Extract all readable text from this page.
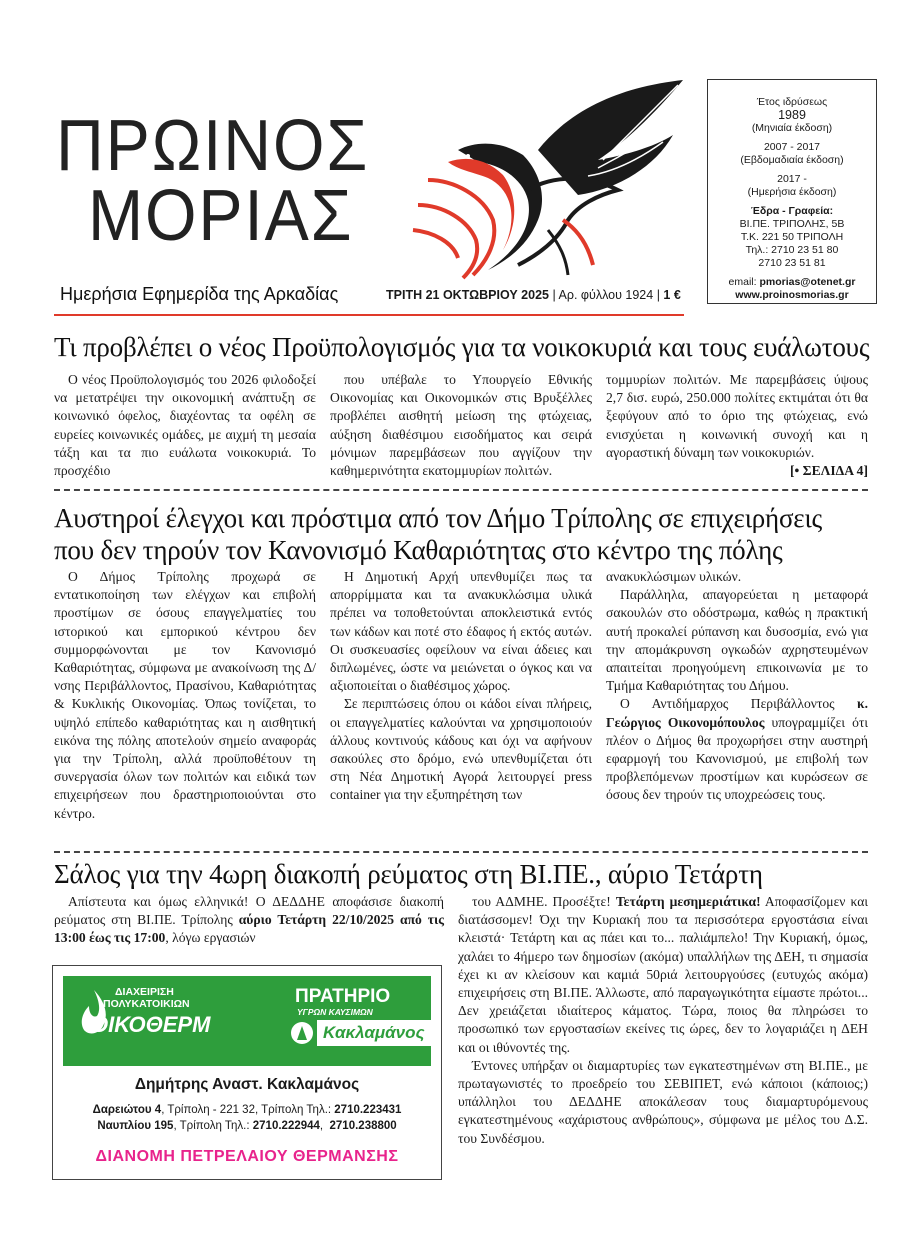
ΠΡΩΙΝΟΣ
ΜΟΡΙΑΣ
Ημερήσια Εφημερίδα της Αρκαδίας	ΤΡΙΤΗ 21 ΟΚΤΩΒΡΙΟΥ 2025 | Αρ. φύλλου 1924 | 1 €
Έτος ιδρύσεως
1989
(Μηνιαία έκδοση)
2007 - 2017
(Εβδομαδιαία έκδοση)
2017 -
(Ημερήσια έκδοση)
Έδρα - Γραφεία:
ΒΙ.ΠΕ. ΤΡΙΠΟΛΗΣ, 5Β
Τ.Κ. 221 50 ΤΡΙΠΟΛΗ
Τηλ.: 2710 23 51 80
2710 23 51 81
email: pmorias@otenet.gr
www.proinosmorias.gr
Τι προβλέπει ο νέος Προϋπολογισμός για τα νοικοκυριά και τους ευάλωτους

Ο νέος Προϋπολογισμός του 2026 φιλοδοξεί να μετατρέψει την οικονομική ανάπτυξη σε κοινωνικό όφελος, διαχέοντας τα οφέλη σε ευρείες κοινωνικές ομάδες, με αιχμή τη μεσαία τάξη και τα πιο ευάλωτα νοικοκυριά. Το προσχέδιο

που υπέβαλε το Υπουργείο Εθνικής Οικονομίας και Οικονομικών στις Βρυξέλλες προβλέπει αισθητή μείωση της φτώχειας, αύξηση διαθέσιμου εισοδήματος και σειρά μόνιμων παρεμβάσεων που αγγίζουν την καθημερινότητα εκατομμυρίων πολιτών.

τομμυρίων πολιτών. Με παρεμβάσεις ύψους 2,7 δισ. ευρώ, 250.000 πολίτες εκτιμάται ότι θα ξεφύγουν από το όριο της φτώχειας, ενώ ενισχύεται η κοινωνική συνοχή και η αγοραστική δύναμη των νοικοκυριών.

[• ΣΕΛΙΔΑ 4]
Αυστηροί έλεγχοι και πρόστιμα από τον Δήμο Τρίπολης σε επιχειρήσεις
που δεν τηρούν τον Κανονισμό Καθαριότητας στο κέντρο της πόλης

Ο Δήμος Τρίπολης προχωρά σε εντατικοποίηση των ελέγχων και επιβολή προστίμων σε όσους επαγγελματίες του ιστορικού και εμπορικού κέντρου δεν συμμορφώνονται με τον Κανονισμό Καθαριότητας, σύμφωνα με ανακοίνωση της Δ/νσης Περιβάλλοντος, Πρασίνου, Καθαριότητας & Κυκλικής Οικονομίας. Όπως τονίζεται, το υψηλό επίπεδο καθαριότητας και η αισθητική εικόνα της πόλης αποτελούν σημείο αναφοράς για την Τρίπολη, αλλά προϋποθέτουν τη συνεργασία όλων των πολιτών και ειδικά των επιχειρήσεων που δραστηριοποιούνται στο κέντρο.

Η Δημοτική Αρχή υπενθυμίζει πως τα απορρίμματα και τα ανακυκλώσιμα υλικά πρέπει να τοποθετούνται αποκλειστικά εντός των κάδων και ποτέ στο έδαφος ή εκτός αυτών. Οι συσκευασίες οφείλουν να είναι άδειες και διπλωμένες, ώστε να μειώνεται ο όγκος και να αξιοποιείται ο διαθέσιμος χώρος.

Σε περιπτώσεις όπου οι κάδοι είναι πλήρεις, οι επαγγελματίες καλούνται να χρησιμοποιούν άλλους κοντινούς κάδους και όχι να αφήνουν σακούλες στο δρόμο, ενώ υπενθυμίζεται ότι στη Νέα Δημοτική Αγορά λειτουργεί press container για την εξυπηρέτηση των

ανακυκλώσιμων υλικών.

Παράλληλα, απαγορεύεται η μεταφορά σακουλών στο οδόστρωμα, καθώς η πρακτική αυτή προκαλεί ρύπανση και δυσοσμία, ενώ για την απομάκρυνση ογκωδών αχρηστευμένων απαιτείται προηγούμενη επικοινωνία με το Τμήμα Καθαριότητας του Δήμου.

Ο Αντιδήμαρχος Περιβάλλοντος κ. Γεώργιος Οικονομόπουλος υπογραμμίζει ότι πλέον ο Δήμος θα προχωρήσει στην αυστηρή εφαρμογή του Κανονισμού, με επιβολή των προβλεπόμενων προστίμων και κυρώσεων σε όσους δεν τηρούν τις υποχρεώσεις τους.

Σάλος για την 4ωρη διακοπή ρεύματος στη ΒΙ.ΠΕ., αύριο Τετάρτη

Απίστευτα και όμως ελληνικά! Ο ΔΕΔΔΗΕ αποφάσισε διακοπή ρεύματος στη ΒΙ.ΠΕ. Τρίπολης αύριο Τετάρτη 22/10/2025 από τις 13:00 έως τις 17:00, λόγω εργασιών

του ΑΔΜΗΕ. Προσέξτε! Τετάρτη μεσημεριάτικα! Αποφασίζομεν και διατάσσομεν! Όχι την Κυριακή που τα περισσότερα εργοστάσια είναι κλειστά· Τετάρτη και ας πάει και το... παλιάμπελο! Την Κυριακή, όμως, χαλάει το 4ήμερο των δημοσίων (ακόμα) υπαλλήλων της ΔΕΗ, τι σημασία έχει κι αν κλείσουν και καμιά 50ριά λειτουργούσες (ευτυχώς ακόμα) επιχειρήσεις στη ΒΙ.ΠΕ. Άλλωστε, από παραγωγικότητα είμαστε πρώτοι... Δεν χρειάζεται ιδιαίτερος κάματος. Τώρα, ποιος θα πληρώσει το προσωπικό των εργοστασίων εκείνες τις ώρες, δεν το λογαριάζει η ΔΕΗ και οι ιθύνοντές της.

Έντονες υπήρξαν οι διαμαρτυρίες των εγκατεστημένων στη ΒΙ.ΠΕ., με πρωταγωνιστές το προεδρείο του ΣΕΒΙΠΕΤ, ενώ κάποιοι (κάποιος;) υπάλληλοι του ΔΕΔΔΗΕ αποκάλεσαν τους διαμαρτυρόμενους εγκατεστημένους «αχάριστους ανθρώπους», σύμφωνα με μέλος του Δ.Σ. του Συνδέσμου.

ΔΙΑΧΕΙΡΙΣΗ
ΠΟΛΥΚΑΤΟΙΚΙΩΝ
ΟΙΚΟΘΕΡΜ
ΠΡΑΤΗΡΙΟ
ΥΓΡΩΝ ΚΑΥΣΙΜΩΝ
Κακλαμάνος
Δημήτρης Αναστ. Κακλαμάνος
Δαρειώτου 4, Τρίπολη - 221 32, Τρίπολη Τηλ.: 2710.223431
Ναυπλίου 195, Τρίπολη Τηλ.: 2710.222944,  2710.238800
ΔΙΑΝΟΜΗ ΠΕΤΡΕΛΑΙΟΥ ΘΕΡΜΑΝΣΗΣ
